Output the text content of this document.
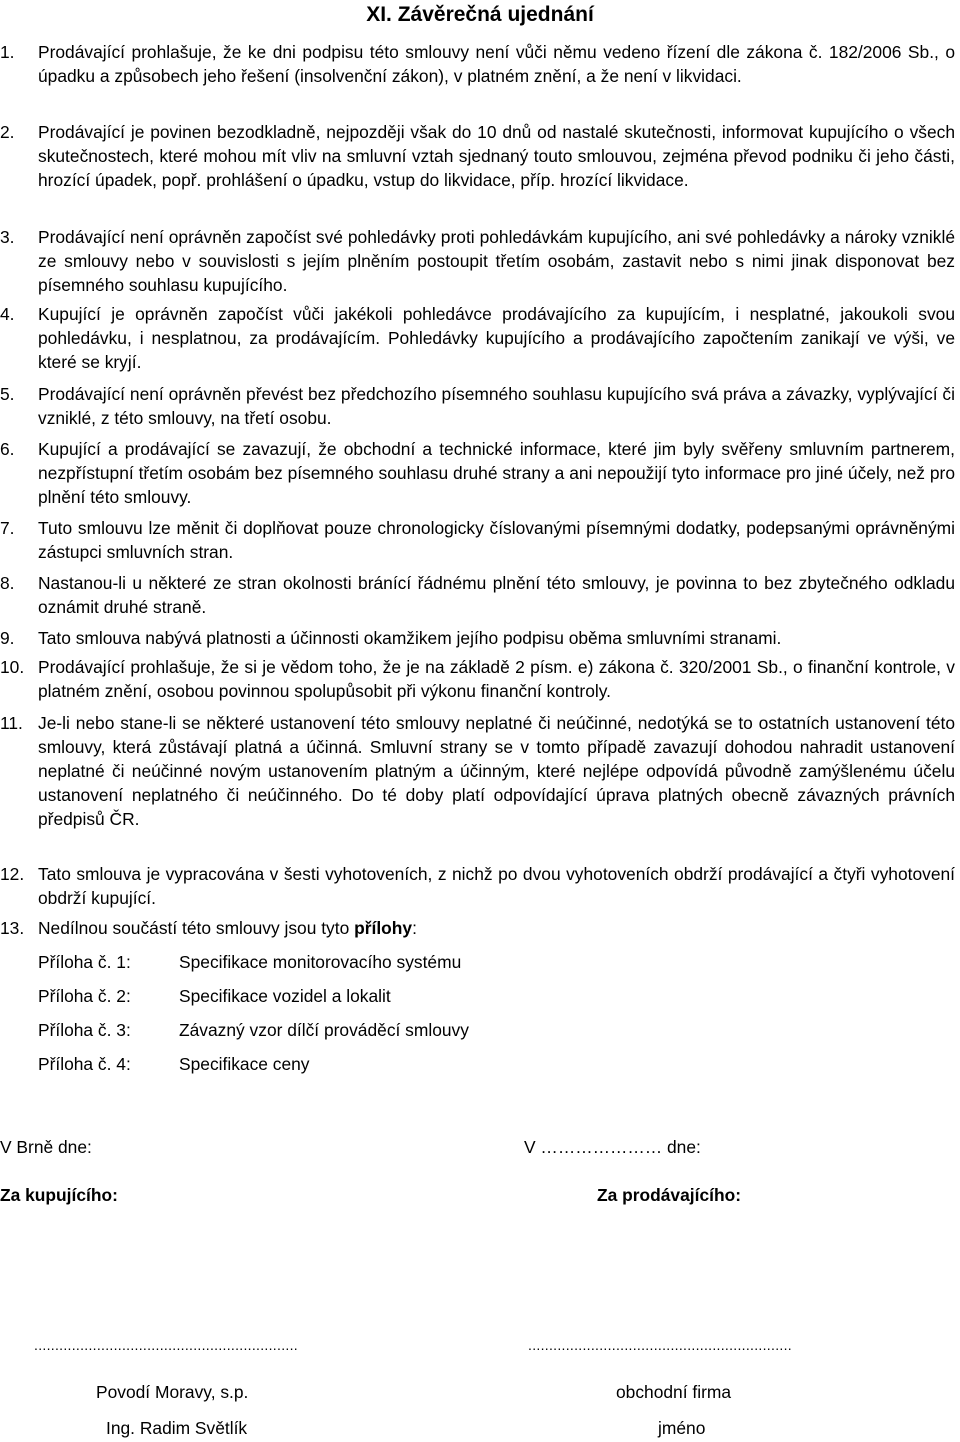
XI. Závěrečná ujednání
1.	Prodávající prohlašuje, že ke dni podpisu této smlouvy není vůči němu vedeno řízení dle zákona č. 182/2006 Sb., o úpadku a způsobech jeho řešení (insolvenční zákon), v platném znění, a že není v likvidaci.
2.	Prodávající je povinen bezodkladně, nejpozději však do 10 dnů od nastalé skutečnosti, informovat kupujícího o všech skutečnostech, které mohou mít vliv na smluvní vztah sjednaný touto smlouvou, zejména převod podniku či jeho části, hrozící úpadek, popř. prohlášení o úpadku, vstup do likvidace, příp. hrozící likvidace.
3.	Prodávající není oprávněn započíst své pohledávky proti pohledávkám kupujícího, ani své pohledávky a nároky vzniklé ze smlouvy nebo v souvislosti s jejím plněním postoupit třetím osobám, zastavit nebo s nimi jinak disponovat bez písemného souhlasu kupujícího.
4.	Kupující je oprávněn započíst vůči jakékoli pohledávce prodávajícího za kupujícím, i nesplatné, jakoukoli svou pohledávku, i nesplatnou, za prodávajícím. Pohledávky kupujícího a prodávajícího započtením zanikají ve výši, ve které se kryjí.
5.	Prodávající není oprávněn převést bez předchozího písemného souhlasu kupujícího svá práva a závazky, vyplývající či vzniklé, z této smlouvy, na třetí osobu.
6.	Kupující a prodávající se zavazují, že obchodní a technické informace, které jim byly svěřeny smluvním partnerem, nezpřístupní třetím osobám bez písemného souhlasu druhé strany a ani nepoužijí tyto informace pro jiné účely, než pro plnění této smlouvy.
7.	Tuto smlouvu lze měnit či doplňovat pouze chronologicky číslovanými písemnými dodatky, podepsanými oprávněnými zástupci smluvních stran.
8.	Nastanou-li u některé ze stran okolnosti bránící řádnému plnění této smlouvy, je povinna to bez zbytečného odkladu oznámit druhé straně.
9.	Tato smlouva nabývá platnosti a účinnosti okamžikem jejího podpisu oběma smluvními stranami.
10. Prodávající prohlašuje, že si je vědom toho, že je na základě 2 písm. e) zákona č. 320/2001 Sb., o finanční kontrole, v platném znění, osobou povinnou spolupůsobit při výkonu finanční kontroly.
11. Je-li nebo stane-li se některé ustanovení této smlouvy neplatné či neúčinné, nedotýká se to ostatních ustanovení této smlouvy, která zůstávají platná a účinná. Smluvní strany se v tomto případě zavazují dohodou nahradit ustanovení neplatné či neúčinné novým ustanovením platným a účinným, které nejlépe odpovídá původně zamýšlenému účelu ustanovení neplatného či neúčinného. Do té doby platí odpovídající úprava platných obecně závazných právních předpisů ČR.
12. Tato smlouva je vypracována v šesti vyhotoveních, z nichž po dvou vyhotoveních obdrží prodávající a čtyři vyhotovení obdrží kupující.
13. Nedílnou součástí této smlouvy jsou tyto přílohy:
Příloha č. 1:	Specifikace monitorovacího systému
Příloha č. 2:	Specifikace vozidel a lokalit
Příloha č. 3:	Závazný vzor dílčí prováděcí smlouvy
Příloha č. 4:	Specifikace ceny
V Brně dne:	V ………………… dne:
Za kupujícího:	Za prodávajícího:
...............................................................	...............................................................
Povodí Moravy, s.p.	obchodní firma
Ing. Radim Světlík	jméno
